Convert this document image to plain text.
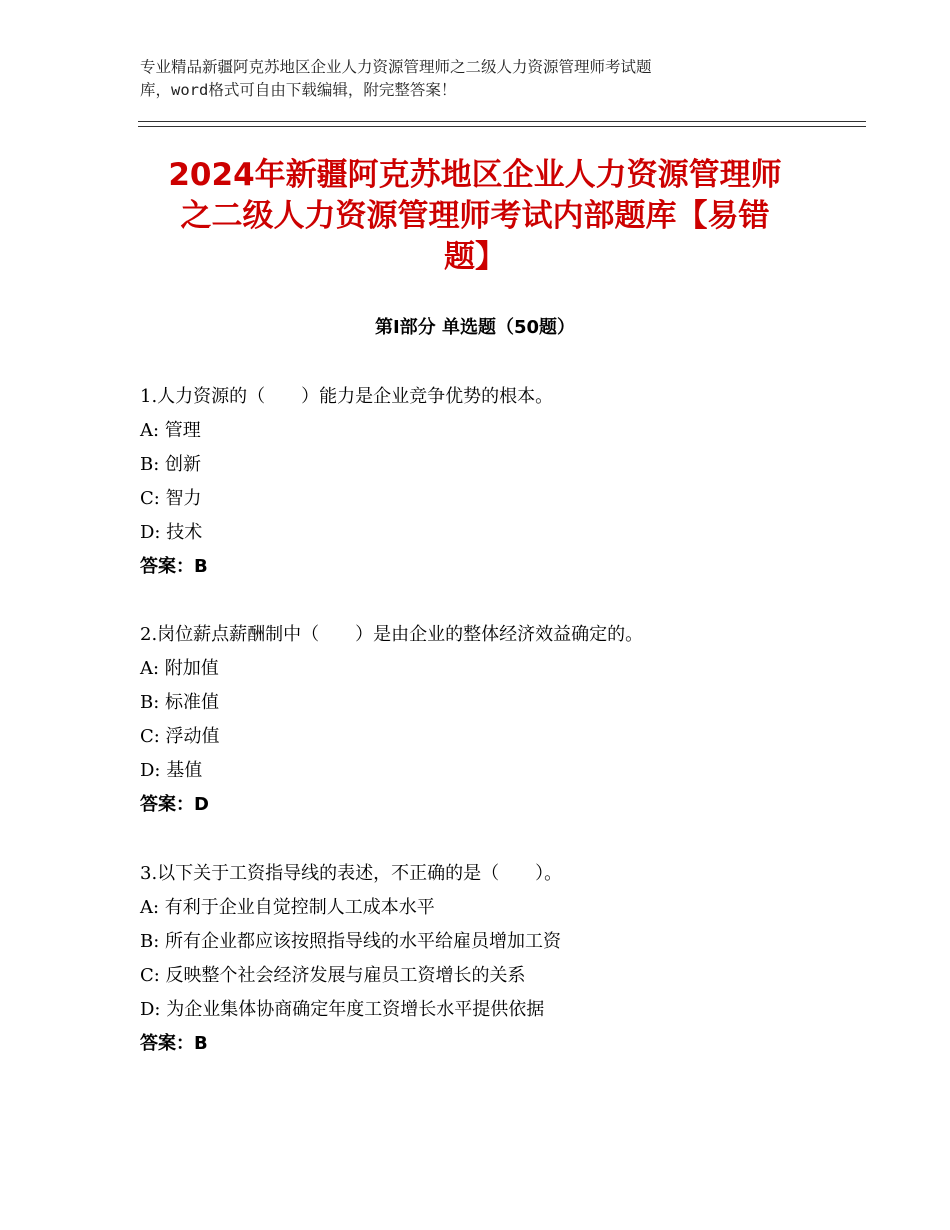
专业精品新疆阿克苏地区企业人力资源管理师之二级人力资源管理师考试题
库，word格式可自由下载编辑，附完整答案！
2024年新疆阿克苏地区企业人力资源管理师
之二级人力资源管理师考试内部题库【易错
题】
第Ⅰ部分 单选题（50题）
1.人力资源的（　　）能力是企业竞争优势的根本。
A: 管理
B: 创新
C: 智力
D: 技术
答案：B
2.岗位薪点薪酬制中（　　）是由企业的整体经济效益确定的。
A: 附加值
B: 标准值
C: 浮动值
D: 基值
答案：D
3.以下关于工资指导线的表述，不正确的是（　　）。
A: 有利于企业自觉控制人工成本水平
B: 所有企业都应该按照指导线的水平给雇员增加工资
C: 反映整个社会经济发展与雇员工资增长的关系
D: 为企业集体协商确定年度工资增长水平提供依据
答案：B
